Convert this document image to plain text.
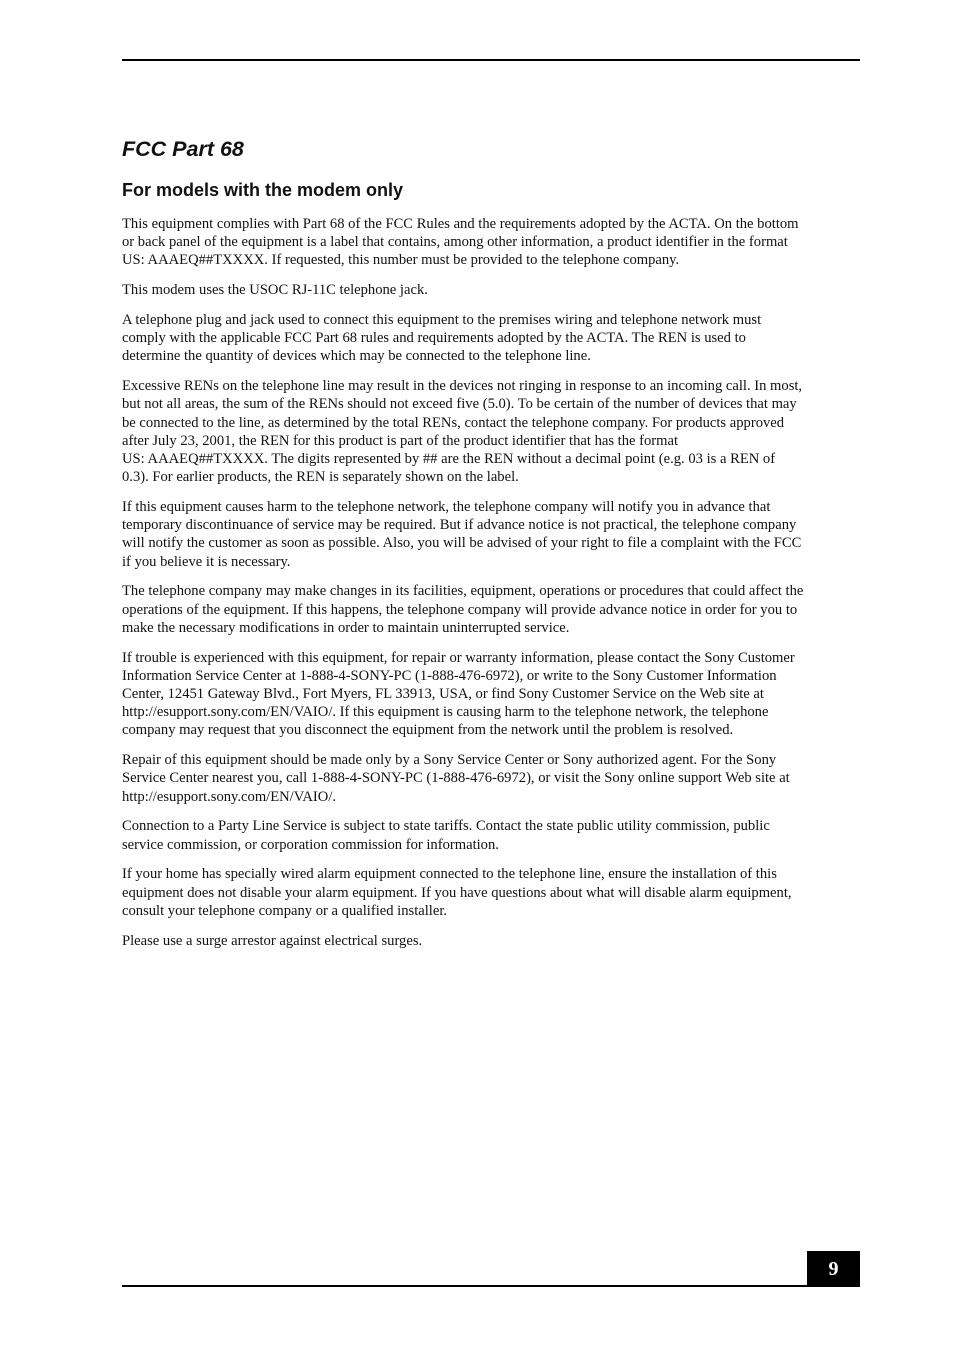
FCC Part 68
For models with the modem only

This equipment complies with Part 68 of the FCC Rules and the requirements adopted by the ACTA. On the bottom
or back panel of the equipment is a label that contains, among other information, a product identifier in the format
US: AAAEQ##TXXXX. If requested, this number must be provided to the telephone company.

This modem uses the USOC RJ-11C telephone jack.

A telephone plug and jack used to connect this equipment to the premises wiring and telephone network must
comply with the applicable FCC Part 68 rules and requirements adopted by the ACTA. The REN is used to
determine the quantity of devices which may be connected to the telephone line.

Excessive RENs on the telephone line may result in the devices not ringing in response to an incoming call. In most,
but not all areas, the sum of the RENs should not exceed five (5.0). To be certain of the number of devices that may
be connected to the line, as determined by the total RENs, contact the telephone company. For products approved
after July 23, 2001, the REN for this product is part of the product identifier that has the format
US: AAAEQ##TXXXX. The digits represented by ## are the REN without a decimal point (e.g. 03 is a REN of
0.3). For earlier products, the REN is separately shown on the label.

If this equipment causes harm to the telephone network, the telephone company will notify you in advance that
temporary discontinuance of service may be required. But if advance notice is not practical, the telephone company
will notify the customer as soon as possible. Also, you will be advised of your right to file a complaint with the FCC
if you believe it is necessary.

The telephone company may make changes in its facilities, equipment, operations or procedures that could affect the
operations of the equipment. If this happens, the telephone company will provide advance notice in order for you to
make the necessary modifications in order to maintain uninterrupted service.

If trouble is experienced with this equipment, for repair or warranty information, please contact the Sony Customer
Information Service Center at 1-888-4-SONY-PC (1-888-476-6972), or write to the Sony Customer Information
Center, 12451 Gateway Blvd., Fort Myers, FL 33913, USA, or find Sony Customer Service on the Web site at
http://esupport.sony.com/EN/VAIO/. If this equipment is causing harm to the telephone network, the telephone
company may request that you disconnect the equipment from the network until the problem is resolved.

Repair of this equipment should be made only by a Sony Service Center or Sony authorized agent. For the Sony
Service Center nearest you, call 1-888-4-SONY-PC (1-888-476-6972), or visit the Sony online support Web site at
http://esupport.sony.com/EN/VAIO/.

Connection to a Party Line Service is subject to state tariffs. Contact the state public utility commission, public
service commission, or corporation commission for information.

If your home has specially wired alarm equipment connected to the telephone line, ensure the installation of this
equipment does not disable your alarm equipment. If you have questions about what will disable alarm equipment,
consult your telephone company or a qualified installer.

Please use a surge arrestor against electrical surges.

9
